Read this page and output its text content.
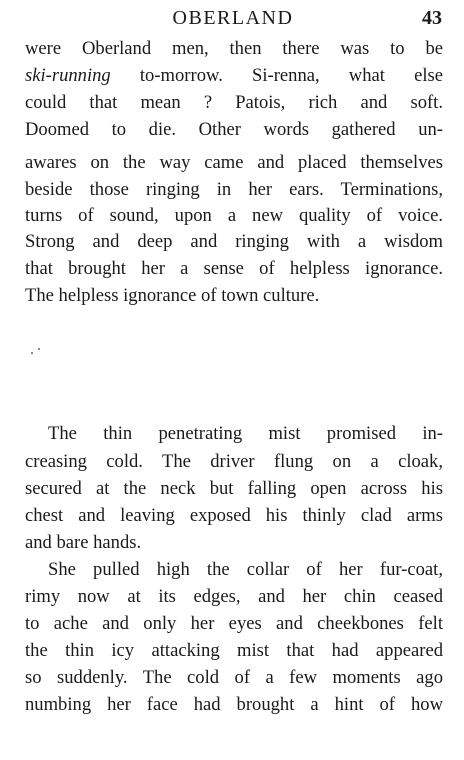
OBERLAND	43
were Oberland men, then there was to be
ski-running to-morrow. Si-renna, what else
could that mean ? Patois, rich and soft.
Doomed to die. Other words gathered un-
awares on the way came and placed themselves
beside those ringing in her ears. Terminations,
turns of sound, upon a new quality of voice.
Strong and deep and ringing with a wisdom
that brought her a sense of helpless ignorance.
The helpless ignorance of town culture.
The thin penetrating mist promised in-
creasing cold. The driver flung on a cloak,
secured at the neck but falling open across his
chest and leaving exposed his thinly clad arms
and bare hands.
She pulled high the collar of her fur-coat,
rimy now at its edges, and her chin ceased
to ache and only her eyes and cheekbones felt
the thin icy attacking mist that had appeared
so suddenly. The cold of a few moments ago
numbing her face had brought a hint of how
